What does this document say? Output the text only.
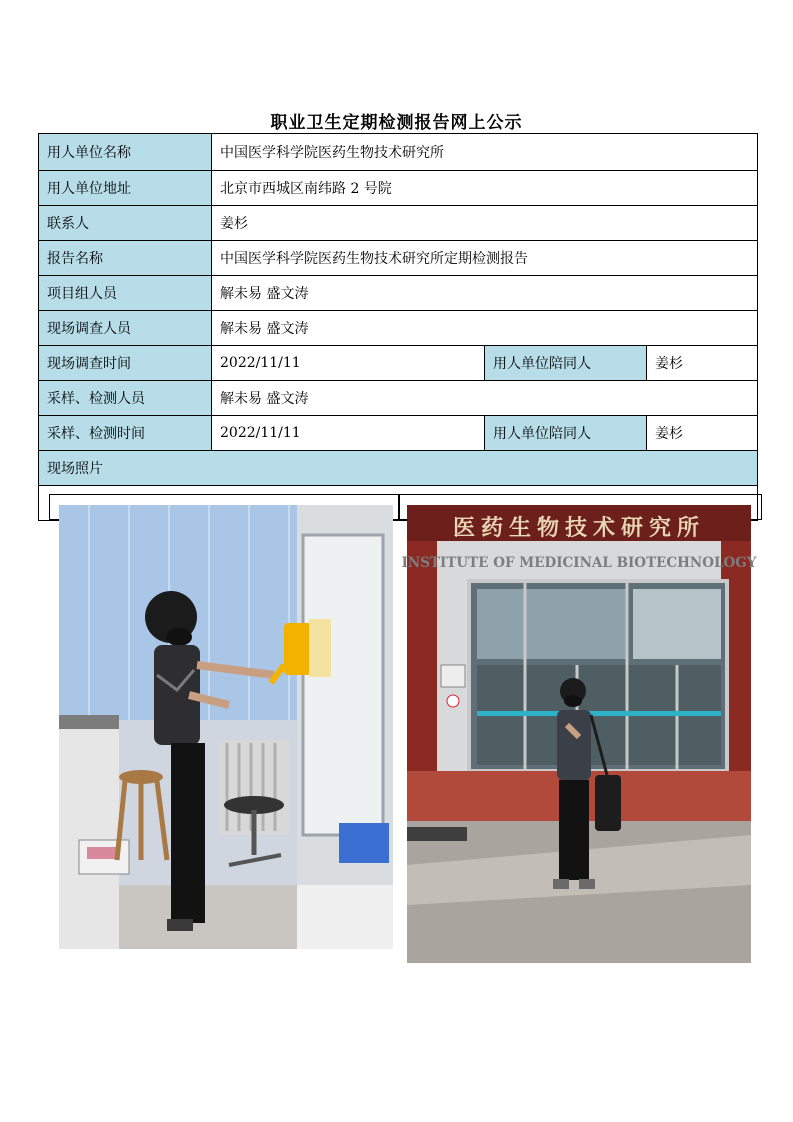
职业卫生定期检测报告网上公示
用人单位名称	中国医学科学院医药生物技术研究所		
用人单位地址	北京市西城区南纬路 2 号院		
联系人	姜杉		
报告名称	中国医学科学院医药生物技术研究所定期检测报告		
项目组人员	解未易 盛文涛		
现场调查人员	解未易 盛文涛		
现场调查时间	2022/11/11	用人单位陪同人	姜杉
采样、检测人员	解未易 盛文涛		
采样、检测时间	2022/11/11	用人单位陪同人	姜杉
现场照片			

医药生物技术研究所
INSTITUTE OF MEDICINAL BIOTECHNOLOGY			
